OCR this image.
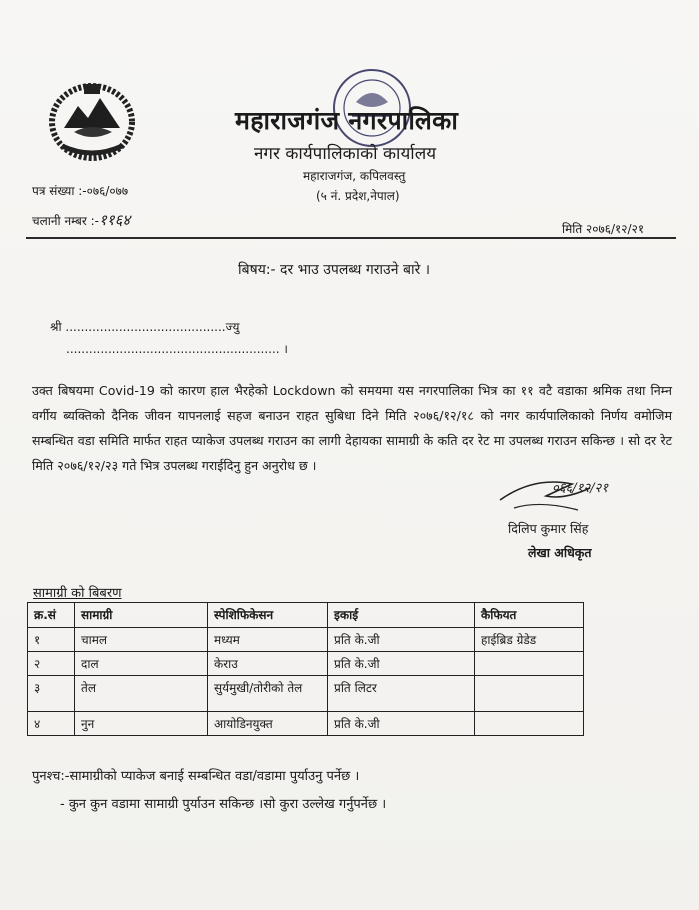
महाराजगंज नगरपालिका
नगर कार्यपालिकाको कार्यालय
महाराजगंज, कपिलवस्तु
(५ नं. प्रदेश,नेपाल)
पत्र संख्या :-०७६/०७७
चलानी नम्बर :-११६४	मिति २०७६/१२/२१
बिषय:- दर भाउ उपलब्ध गराउने बारे ।
श्री ..........................................ज्यु
........................................................ ।
उक्त बिषयमा Covid-19 को कारण हाल भैरहेको Lockdown को समयमा यस नगरपालिका भित्र का ११ वटै वडाका श्रमिक तथा निम्न वर्गीय ब्यक्तिको दैनिक जीवन यापनलाई सहज बनाउन राहत सुबिधा दिने मिति २०७६/१२/१८ को नगर कार्यपालिकाको निर्णय वमोजिम सम्बन्धित वडा समिति मार्फत राहत प्याकेज उपलब्ध गराउन का लागी देहायका सामाग्री के कति दर रेट मा उपलब्ध गराउन सकिन्छ । सो दर रेट मिति २०७६/१२/२३ गते भित्र उपलब्ध गराईदिनु हुन अनुरोध छ ।
०६६/१२/२१
दिलिप कुमार सिंह
लेखा अधिकृत
सामाग्री को बिबरण
क्र.सं	सामाग्री	स्पेशिफिकेसन	इकाई	कैफियत
१	चामल	मध्यम	प्रति के.जी	हाईब्रिड ग्रेडेड
२	दाल	केराउ	प्रति के.जी	
३	तेल	सुर्यमुखी/तोरीको तेल	प्रति लिटर	
४	नुन	आयोडिनयुक्त	प्रति के.जी	
पुनश्च:-सामाग्रीको प्याकेज बनाई सम्बन्धित वडा/वडामा पुर्याउनु पर्नेछ ।
- कुन कुन वडामा सामाग्री पुर्याउन सकिन्छ ।सो कुरा उल्लेख गर्नुपर्नेछ ।
